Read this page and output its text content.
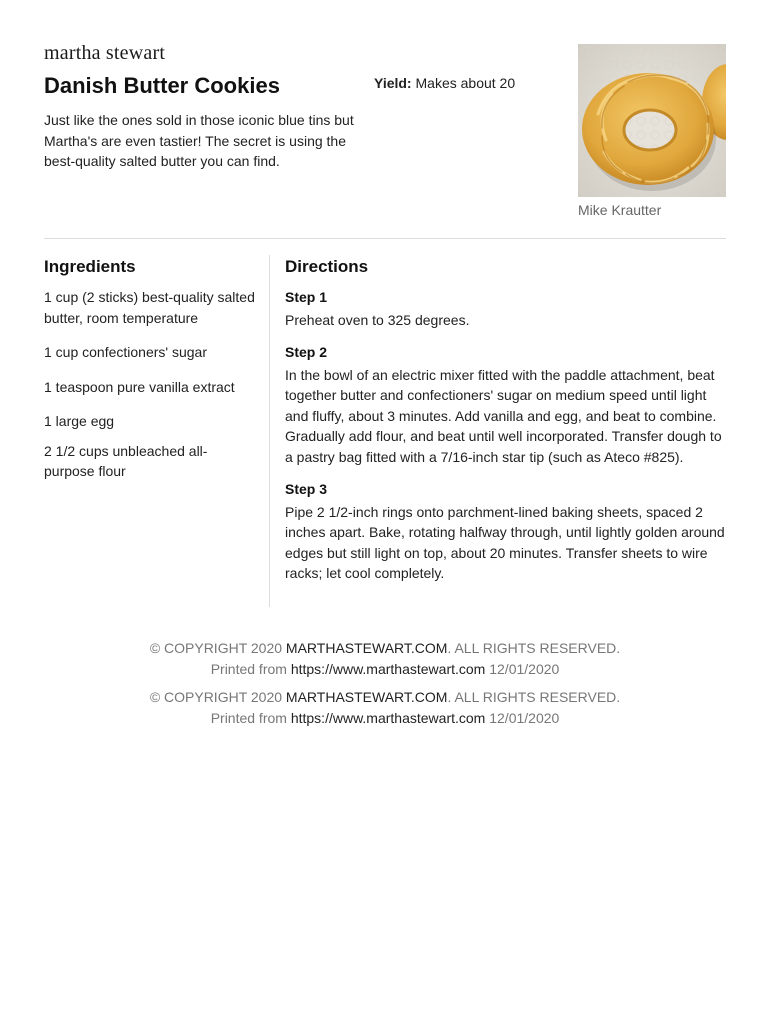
martha stewart
Danish Butter Cookies

Just like the ones sold in those iconic blue tins but Martha's are even tastier! The secret is using the best-quality salted butter you can find.

Yield: Makes about 20
Mike Krautter
Ingredients
1 cup (2 sticks) best-quality salted butter, room temperature
1 cup confectioners' sugar
1 teaspoon pure vanilla extract
1 large egg
2 1/2 cups unbleached all-purpose flour
Directions
Step 1

Preheat oven to 325 degrees.

Step 2

In the bowl of an electric mixer fitted with the paddle attachment, beat together butter and confectioners' sugar on medium speed until light and fluffy, about 3 minutes. Add vanilla and egg, and beat to combine. Gradually add flour, and beat until well incorporated. Transfer dough to a pastry bag fitted with a 7/16-inch star tip (such as Ateco #825).

Step 3

Pipe 2 1/2-inch rings onto parchment-lined baking sheets, spaced 2 inches apart. Bake, rotating halfway through, until lightly golden around edges but still light on top, about 20 minutes. Transfer sheets to wire racks; let cool completely.

© COPYRIGHT 2020 MARTHASTEWART.COM. ALL RIGHTS RESERVED.
Printed from https://www.marthastewart.com 12/01/2020
© COPYRIGHT 2020 MARTHASTEWART.COM. ALL RIGHTS RESERVED.
Printed from https://www.marthastewart.com 12/01/2020
